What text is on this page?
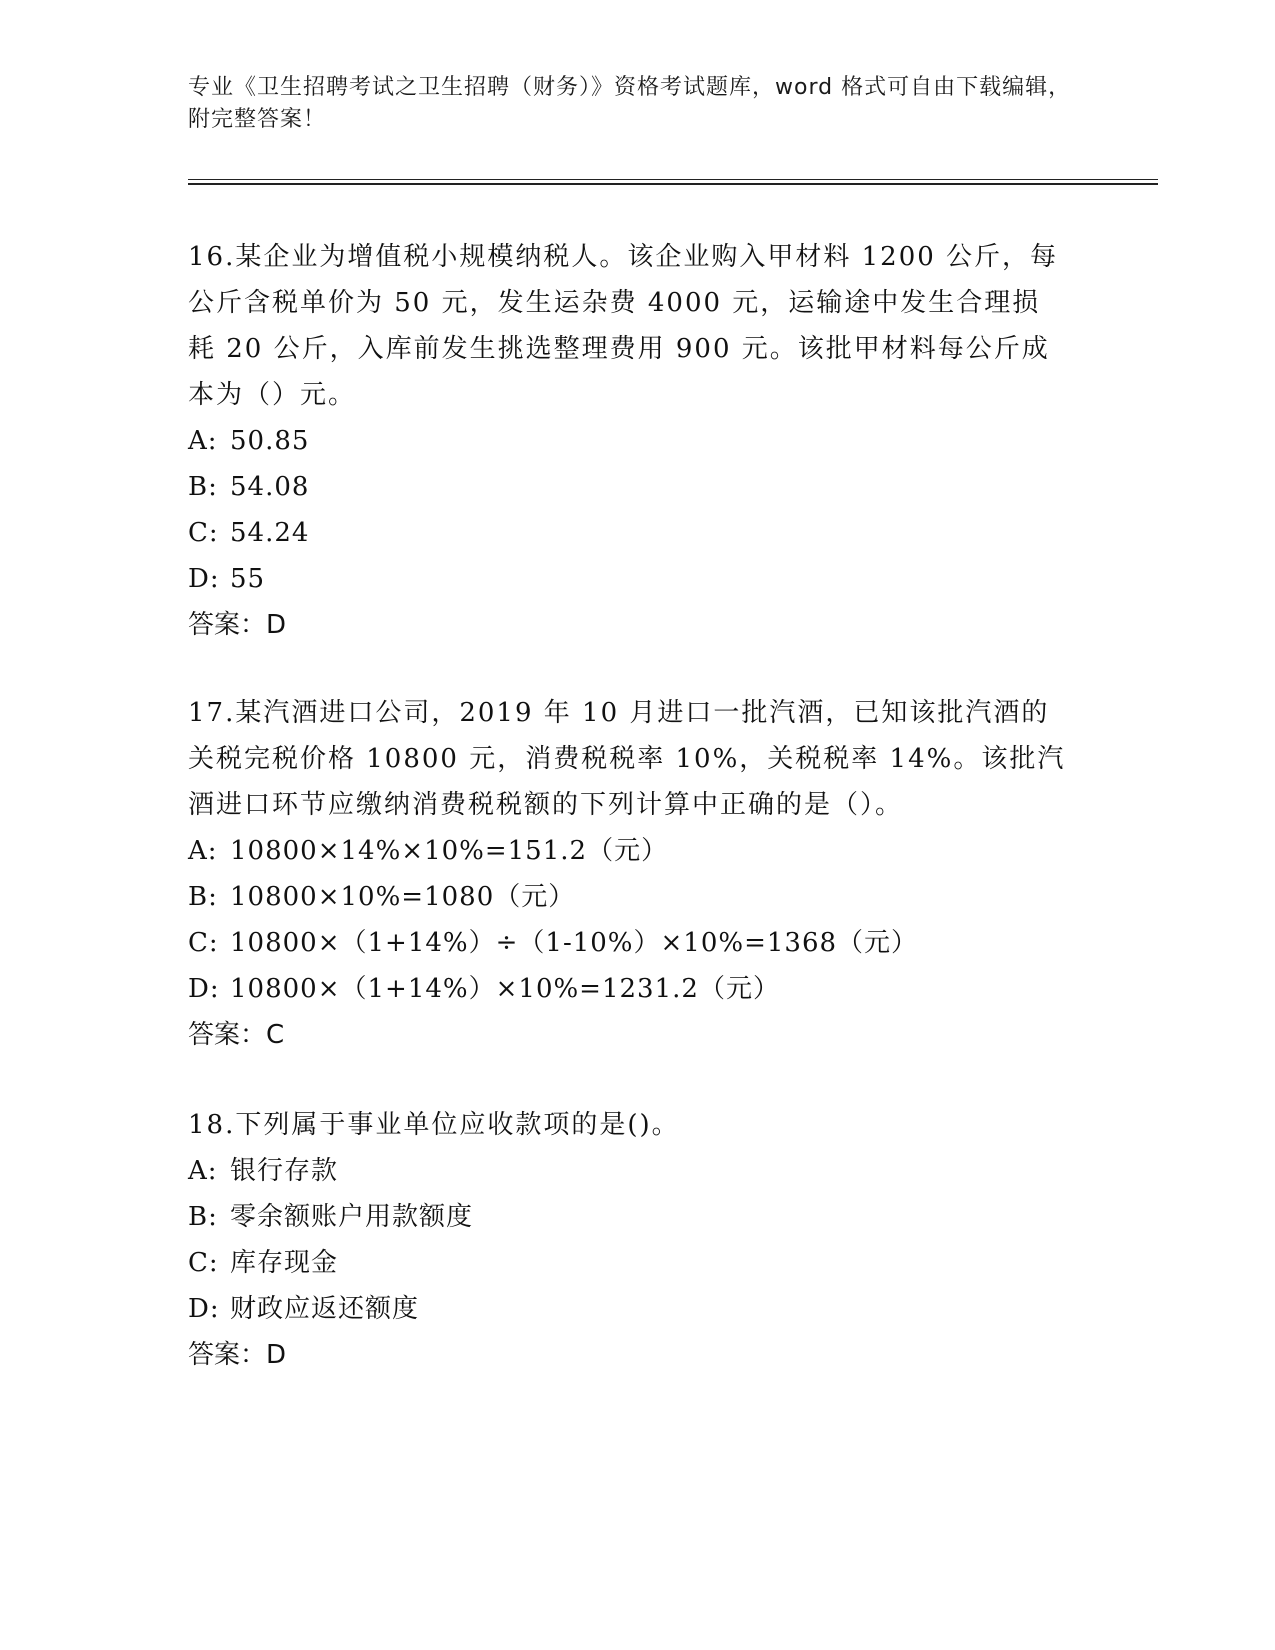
专业《卫生招聘考试之卫生招聘（财务）》资格考试题库，word 格式可自由下载编辑，附完整答案！

16.某企业为增值税小规模纳税人。该企业购入甲材料 1200 公斤，每公斤含税单价为 50 元，发生运杂费 4000 元，运输途中发生合理损耗 20 公斤，入库前发生挑选整理费用 900 元。该批甲材料每公斤成本为（）元。

A: 50.85

B: 54.08

C: 54.24

D: 55

答案：D

17.某汽酒进口公司，2019 年 10 月进口一批汽酒，已知该批汽酒的关税完税价格 10800 元，消费税税率 10%，关税税率 14%。该批汽酒进口环节应缴纳消费税税额的下列计算中正确的是（）。

A: 10800×14%×10%=151.2（元）

B: 10800×10%=1080（元）

C: 10800×（1+14%）÷（1-10%）×10%=1368（元）

D: 10800×（1+14%）×10%=1231.2（元）

答案：C

18.下列属于事业单位应收款项的是()。

A: 银行存款

B: 零余额账户用款额度

C: 库存现金

D: 财政应返还额度

答案：D
